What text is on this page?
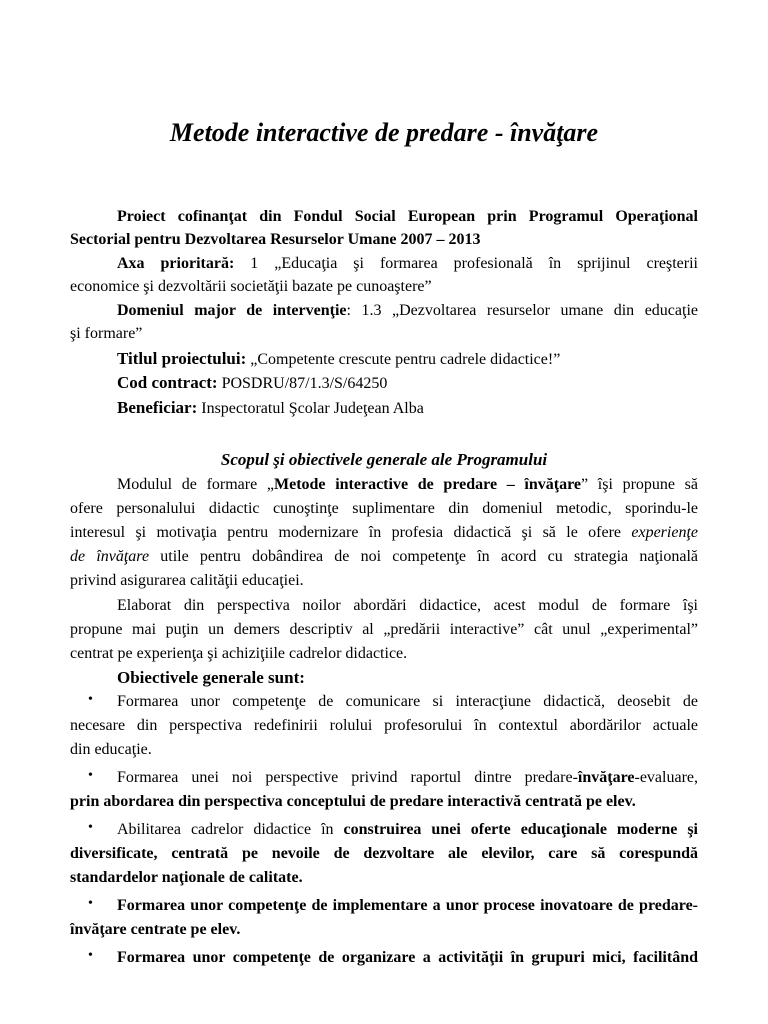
Metode interactive de predare - învăţare
Proiect cofinanţat din Fondul Social European prin Programul Operaţional
Sectorial pentru Dezvoltarea Resurselor Umane 2007 – 2013
Axa prioritară: 1 „Educaţia şi formarea profesională în sprijinul creşterii
economice şi dezvoltării societăţii bazate pe cunoaştere”
Domeniul major de intervenţie: 1.3 „Dezvoltarea resurselor umane din educaţie
şi formare”
Titlul proiectului: „Competente crescute pentru cadrele didactice!”
Cod contract: POSDRU/87/1.3/S/64250
Beneficiar: Inspectoratul Şcolar Judeţean Alba
Scopul şi obiectivele generale ale Programului
Modulul de formare „Metode interactive de predare – învăţare” îşi propune să
ofere personalului didactic cunoştinţe suplimentare din domeniul metodic, sporindu-le
interesul şi motivaţia pentru modernizare în profesia didactică şi să le ofere experienţe
de învăţare utile pentru dobândirea de noi competenţe în acord cu strategia naţională
privind asigurarea calităţii educaţiei.
Elaborat din perspectiva noilor abordări didactice, acest modul de formare îşi
propune mai puţin un demers descriptiv al „predării interactive” cât unul „experimental”
centrat pe experienţa şi achiziţiile cadrelor didactice.
Obiectivele generale sunt:
• Formarea unor competenţe de comunicare si interacţiune didactică, deosebit de
necesare din perspectiva redefinirii rolului profesorului în contextul abordărilor actuale
din educaţie.
• Formarea unei noi perspective privind raportul dintre predare-învăţare-evaluare,
prin abordarea din perspectiva conceptului de predare interactivă centrată pe elev.
• Abilitarea cadrelor didactice în construirea unei oferte educaţionale moderne şi
diversificate, centrată pe nevoile de dezvoltare ale elevilor, care să corespundă
standardelor naţionale de calitate.
• Formarea unor competenţe de implementare a unor procese inovatoare de predare-
învăţare centrate pe elev.
• Formarea unor competenţe de organizare a activităţii în grupuri mici, facilitând
